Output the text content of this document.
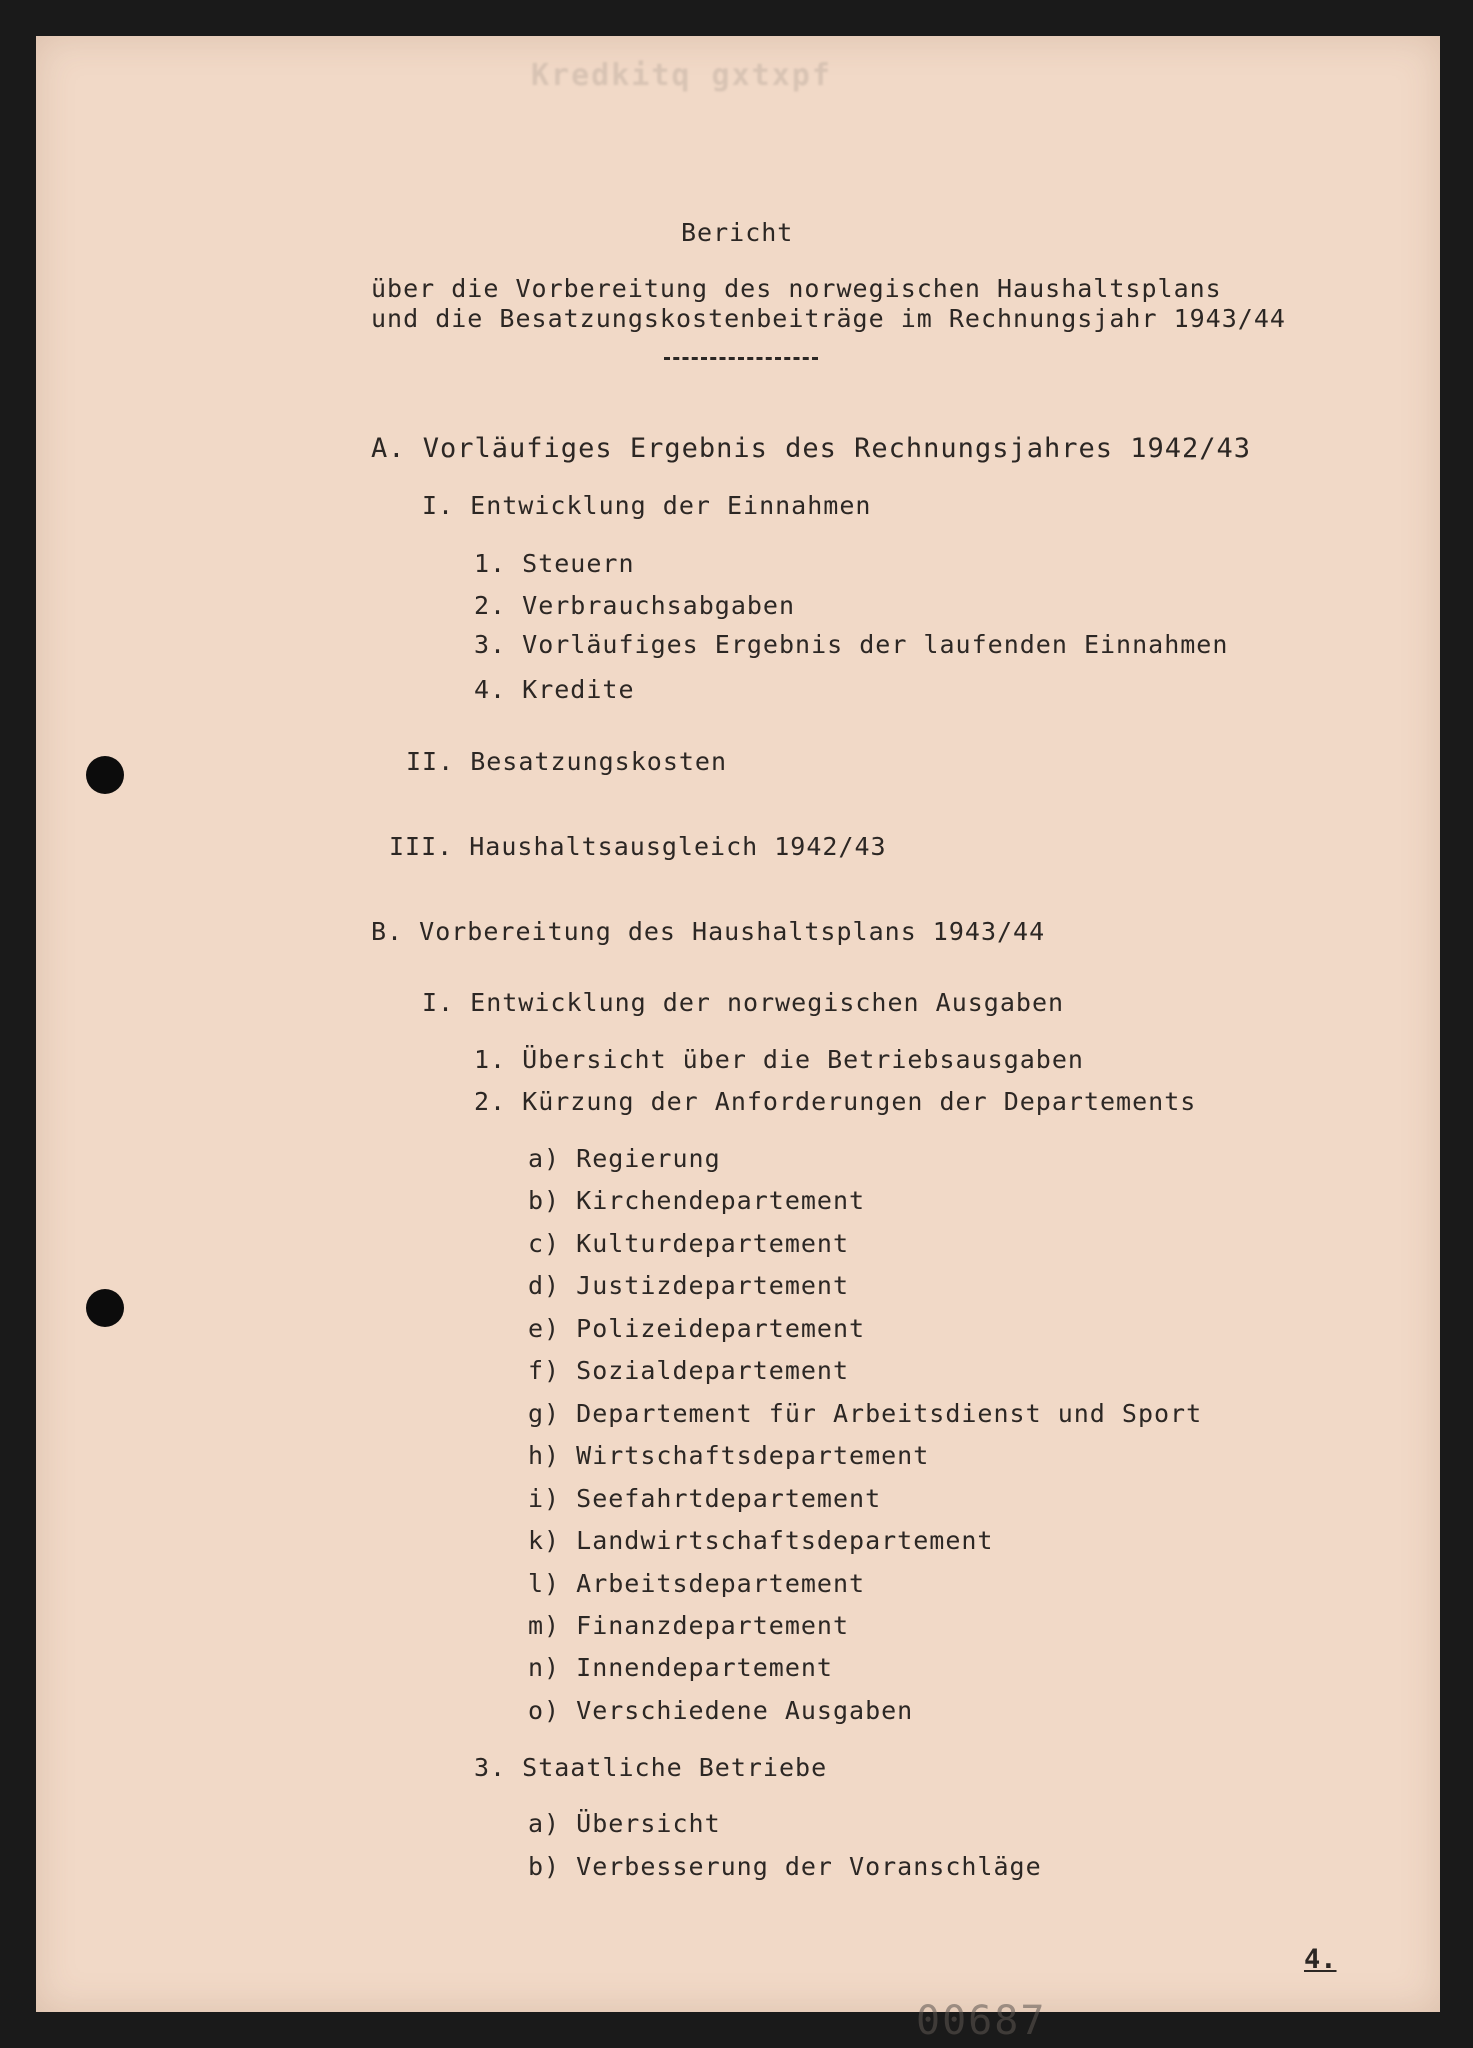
Kredkitq gxtxpf
Bericht
über die Vorbereitung des norwegischen Haushaltsplans
und die Besatzungskostenbeiträge im Rechnungsjahr 1943/44
A. Vorläufiges Ergebnis des Rechnungsjahres 1942/43
I. Entwicklung der Einnahmen
1. Steuern
2. Verbrauchsabgaben
3. Vorläufiges Ergebnis der laufenden Einnahmen
4. Kredite
II. Besatzungskosten
III. Haushaltsausgleich 1942/43
B. Vorbereitung des Haushaltsplans 1943/44
I. Entwicklung der norwegischen Ausgaben
1. Übersicht über die Betriebsausgaben
2. Kürzung der Anforderungen der Departements
a) Regierung
b) Kirchendepartement
c) Kulturdepartement
d) Justizdepartement
e) Polizeidepartement
f) Sozialdepartement
g) Departement für Arbeitsdienst und Sport
h) Wirtschaftsdepartement
i) Seefahrtdepartement
k) Landwirtschaftsdepartement
l) Arbeitsdepartement
m) Finanzdepartement
n) Innendepartement
o) Verschiedene Ausgaben
3. Staatliche Betriebe
a) Übersicht
b) Verbesserung der Voranschläge
4.
00687
